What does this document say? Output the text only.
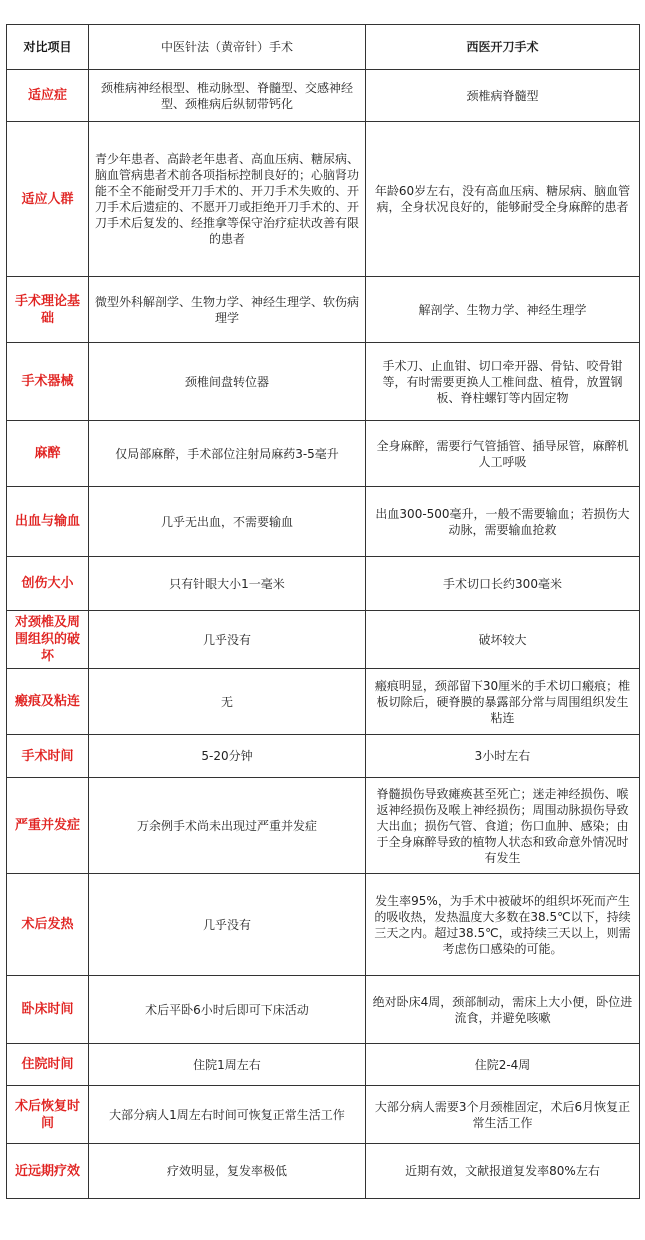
对比项目	中医针法（黄帝针）手术	西医开刀手术
适应症	颈椎病神经根型、椎动脉型、脊髓型、交感神经型、颈椎病后纵韧带钙化	颈椎病脊髓型
适应人群	青少年患者、高龄老年患者、高血压病、糖尿病、脑血管病患者术前各项指标控制良好的；心脑肾功能不全不能耐受开刀手术的、开刀手术失败的、开刀手术后遗症的、不愿开刀或拒绝开刀手术的、开刀手术后复发的、经推拿等保守治疗症状改善有限的患者	年龄60岁左右，没有高血压病、糖尿病、脑血管病，全身状况良好的，能够耐受全身麻醉的患者
手术理论基础	微型外科解剖学、生物力学、神经生理学、软伤病理学	解剖学、生物力学、神经生理学
手术器械	颈椎间盘转位器	手术刀、止血钳、切口牵开器、骨钻、咬骨钳等，有时需要更换人工椎间盘、植骨，放置钢板、脊柱螺钉等内固定物
麻醉	仅局部麻醉，手术部位注射局麻药3-5毫升	全身麻醉，需要行气管插管、插导尿管，麻醉机人工呼吸
出血与输血	几乎无出血，不需要输血	出血300-500毫升，一般不需要输血；若损伤大动脉，需要输血抢救
创伤大小	只有针眼大小1一毫米	手术切口长约300毫米
对颈椎及周围组织的破坏	几乎没有	破坏较大
瘢痕及粘连	无	瘢痕明显，颈部留下30厘米的手术切口瘢痕；椎板切除后，硬脊膜的暴露部分常与周围组织发生粘连
手术时间	5-20分钟	3小时左右
严重并发症	万余例手术尚未出现过严重并发症	脊髓损伤导致瘫痪甚至死亡；迷走神经损伤、喉返神经损伤及喉上神经损伤；周围动脉损伤导致大出血；损伤气管、食道；伤口血肿、感染；由于全身麻醉导致的植物人状态和致命意外情况时有发生
术后发热	几乎没有	发生率95%，为手术中被破坏的组织坏死而产生的吸收热，发热温度大多数在38.5℃以下，持续三天之内。超过38.5℃，或持续三天以上，则需考虑伤口感染的可能。
卧床时间	术后平卧6小时后即可下床活动	绝对卧床4周，颈部制动，需床上大小便，卧位进流食，并避免咳嗽
住院时间	住院1周左右	住院2-4周
术后恢复时间	大部分病人1周左右时间可恢复正常生活工作	大部分病人需要3个月颈椎固定，术后6月恢复正常生活工作
近远期疗效	疗效明显，复发率极低	近期有效，文献报道复发率80%左右
